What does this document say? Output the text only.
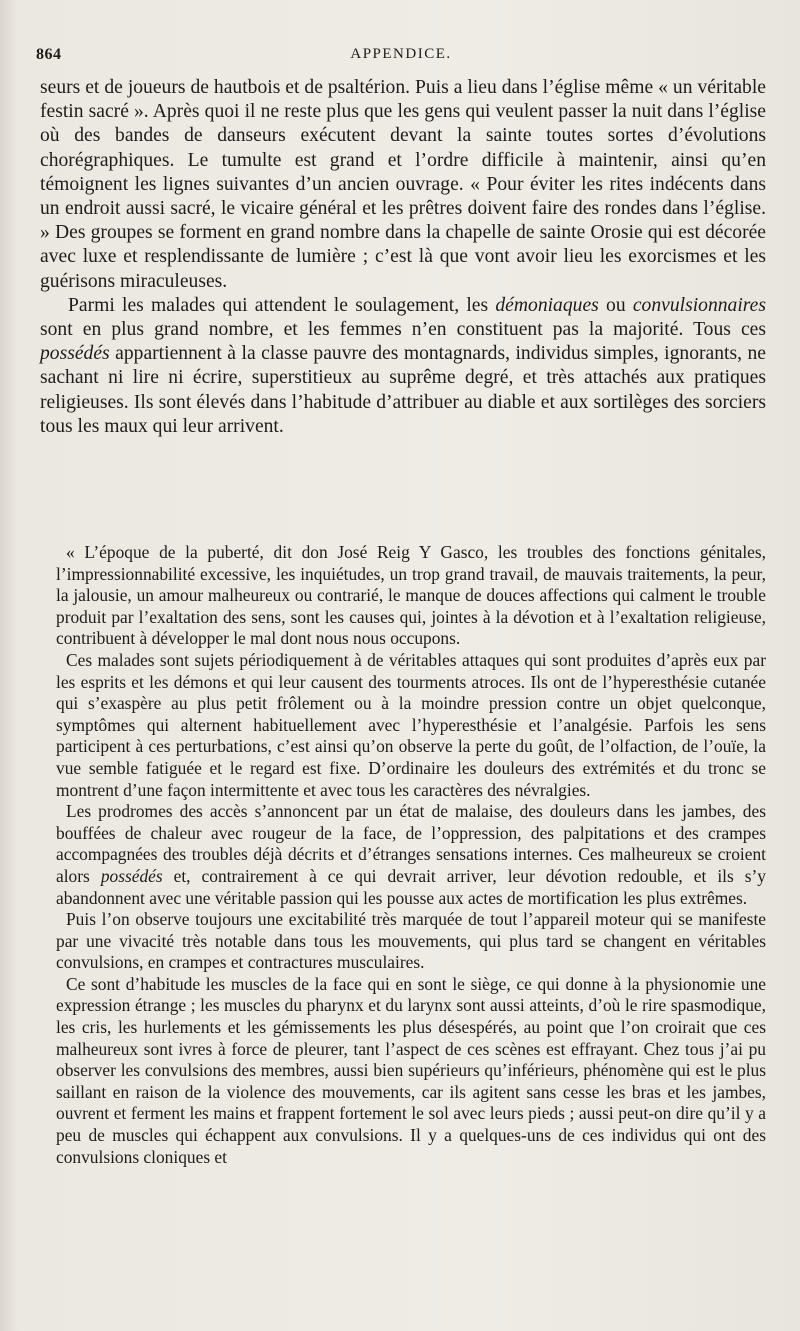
864	APPENDICE.

seurs et de joueurs de hautbois et de psaltérion. Puis a lieu dans l’église même « un véritable festin sacré ». Après quoi il ne reste plus que les gens qui veulent passer la nuit dans l’église où des bandes de danseurs exécutent devant la sainte toutes sortes d’évolutions chorégraphiques. Le tumulte est grand et l’ordre difficile à maintenir, ainsi qu’en témoignent les lignes suivantes d’un ancien ouvrage. « Pour éviter les rites indécents dans un endroit aussi sacré, le vicaire général et les prêtres doivent faire des rondes dans l’église. » Des groupes se forment en grand nombre dans la chapelle de sainte Orosie qui est décorée avec luxe et resplendissante de lumière ; c’est là que vont avoir lieu les exorcismes et les guérisons miraculeuses.

Parmi les malades qui attendent le soulagement, les démoniaques ou convulsionnaires sont en plus grand nombre, et les femmes n’en constituent pas la majorité. Tous ces possédés appartiennent à la classe pauvre des montagnards, individus simples, ignorants, ne sachant ni lire ni écrire, superstitieux au suprême degré, et très attachés aux pratiques religieuses. Ils sont élevés dans l’habitude d’attribuer au diable et aux sortilèges des sorciers tous les maux qui leur arrivent.

« L’époque de la puberté, dit don José Reig Y Gasco, les troubles des fonctions génitales, l’impressionnabilité excessive, les inquiétudes, un trop grand travail, de mauvais traitements, la peur, la jalousie, un amour malheureux ou contrarié, le manque de douces affections qui calment le trouble produit par l’exaltation des sens, sont les causes qui, jointes à la dévotion et à l’exaltation religieuse, contribuent à développer le mal dont nous nous occupons.

Ces malades sont sujets périodiquement à de véritables attaques qui sont produites d’après eux par les esprits et les démons et qui leur causent des tourments atroces. Ils ont de l’hyperesthésie cutanée qui s’exaspère au plus petit frôlement ou à la moindre pression contre un objet quelconque, symptômes qui alternent habituellement avec l’hyperesthésie et l’analgésie. Parfois les sens participent à ces perturbations, c’est ainsi qu’on observe la perte du goût, de l’olfaction, de l’ouïe, la vue semble fatiguée et le regard est fixe. D’ordinaire les douleurs des extrémités et du tronc se montrent d’une façon intermittente et avec tous les caractères des névralgies.

Les prodromes des accès s’annoncent par un état de malaise, des douleurs dans les jambes, des bouffées de chaleur avec rougeur de la face, de l’oppression, des palpitations et des crampes accompagnées des troubles déjà décrits et d’étranges sensations internes. Ces malheureux se croient alors possédés et, contrairement à ce qui devrait arriver, leur dévotion redouble, et ils s’y abandonnent avec une véritable passion qui les pousse aux actes de mortification les plus extrêmes.

Puis l’on observe toujours une excitabilité très marquée de tout l’appareil moteur qui se manifeste par une vivacité très notable dans tous les mouvements, qui plus tard se changent en véritables convulsions, en crampes et contractures musculaires.

Ce sont d’habitude les muscles de la face qui en sont le siège, ce qui donne à la physionomie une expression étrange ; les muscles du pharynx et du larynx sont aussi atteints, d’où le rire spasmodique, les cris, les hurlements et les gémissements les plus désespérés, au point que l’on croirait que ces malheureux sont ivres à force de pleurer, tant l’aspect de ces scènes est effrayant. Chez tous j’ai pu observer les convulsions des membres, aussi bien supérieurs qu’inférieurs, phénomène qui est le plus saillant en raison de la violence des mouvements, car ils agitent sans cesse les bras et les jambes, ouvrent et ferment les mains et frappent fortement le sol avec leurs pieds ; aussi peut-on dire qu’il y a peu de muscles qui échappent aux convulsions. Il y a quelques-uns de ces individus qui ont des convulsions cloniques et
